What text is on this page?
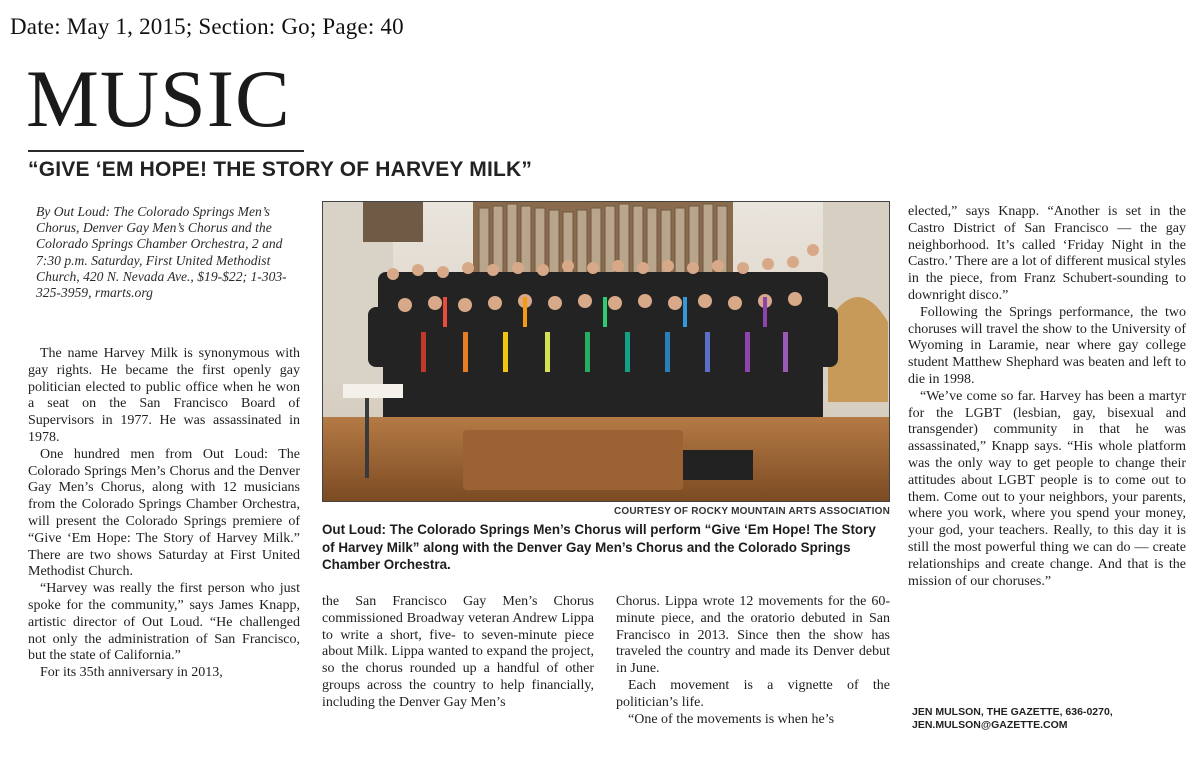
Date: May 1, 2015; Section: Go; Page: 40
MUSIC
“GIVE ‘EM HOPE! THE STORY OF HARVEY MILK”
By Out Loud: The Colorado Springs Men’s Chorus, Denver Gay Men’s Chorus and the Colorado Springs Chamber Orchestra, 2 and 7:30 p.m. Saturday, First United Methodist Church, 420 N. Nevada Ave., $19-$22; 1-303-325-3959, rmarts.org

The name Harvey Milk is synonymous with gay rights. He became the first openly gay politician elected to public office when he won a seat on the San Francisco Board of Supervisors in 1977. He was assassinated in 1978.

One hundred men from Out Loud: The Colorado Springs Men’s Chorus and the Denver Gay Men’s Chorus, along with 12 musicians from the Colorado Springs Chamber Orchestra, will present the Colorado Springs premiere of “Give ‘Em Hope: The Story of Harvey Milk.” There are two shows Saturday at First United Methodist Church.

“Harvey was really the first person who just spoke for the community,” says James Knapp, artistic director of Out Loud. “He challenged not only the administration of San Francisco, but the state of California.”

For its 35th anniversary in 2013,

COURTESY OF ROCKY MOUNTAIN ARTS ASSOCIATION
Out Loud: The Colorado Springs Men’s Chorus will perform “Give ‘Em Hope! The Story of Harvey Milk” along with the Denver Gay Men’s Chorus and the Colorado Springs Chamber Orchestra.

the San Francisco Gay Men’s Chorus commissioned Broadway veteran Andrew Lippa to write a short, five- to seven-minute piece about Milk. Lippa wanted to expand the project, so the chorus rounded up a handful of other groups across the country to help financially, including the Denver Gay Men’s

Chorus. Lippa wrote 12 movements for the 60-minute piece, and the oratorio debuted in San Francisco in 2013. Since then the show has traveled the country and made its Denver debut in June.

Each movement is a vignette of the politician’s life.

“One of the movements is when he’s

elected,” says Knapp. “Another is set in the Castro District of San Francisco — the gay neighborhood. It’s called ‘Friday Night in the Castro.’ There are a lot of different musical styles in the piece, from Franz Schubert-sounding to downright disco.”

Following the Springs performance, the two choruses will travel the show to the University of Wyoming in Laramie, near where gay college student Matthew Shephard was beaten and left to die in 1998.

“We’ve come so far. Harvey has been a martyr for the LGBT (lesbian, gay, bisexual and transgender) community in that he was assassinated,” Knapp says. “His whole platform was the only way to get people to change their attitudes about LGBT people is to come out to them. Come out to your neighbors, your parents, where you work, where you spend your money, your god, your teachers. Really, to this day it is still the most powerful thing we can do — create relationships and create change. And that is the mission of our choruses.”

JEN MULSON, THE GAZETTE, 636-0270,
JEN.MULSON@GAZETTE.COM
